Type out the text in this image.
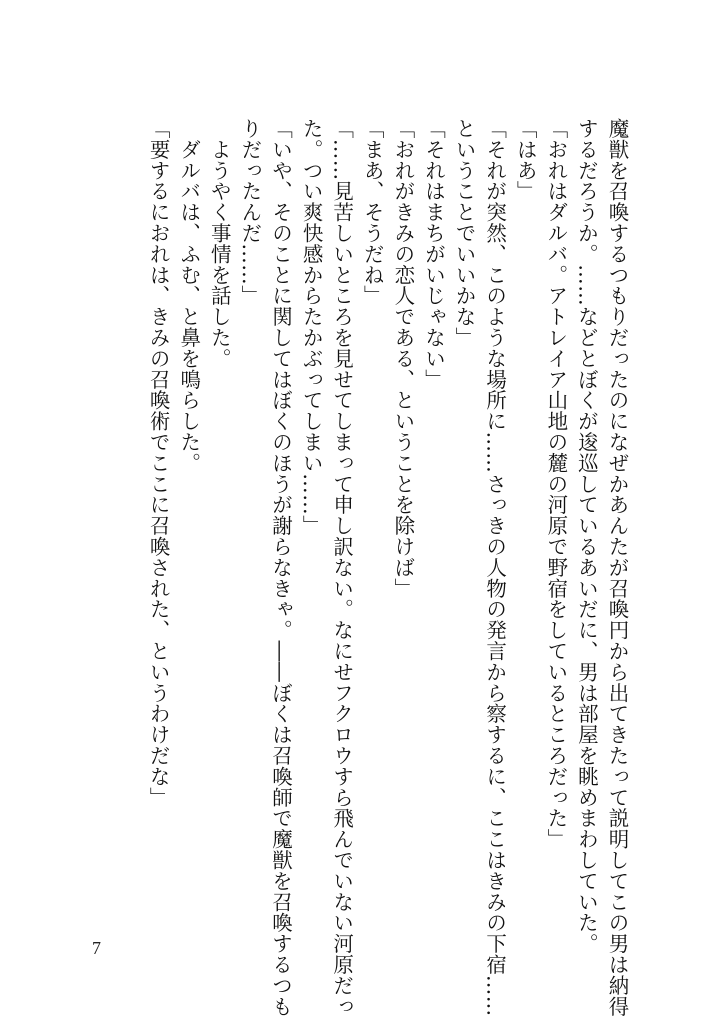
魔獣を召喚するつもりだったのになぜかあんたが召喚円から出てきたって説明してこの男は納得

するだろうか。……などとぼくが逡巡しているあいだに、男は部屋を眺めまわしていた。

「おれはダルバ。アトレイア山地の麓の河原で野宿をしているところだった」

「はあ」

「それが突然、このような場所に……さっきの人物の発言から察するに、ここはきみの下宿……

ということでいいかな」

「それはまちがいじゃない」

「おれがきみの恋人である、ということを除けば」

「まあ、そうだね」

「……見苦しいところを見せてしまって申し訳ない。なにせフクロウすら飛んでいない河原だっ

た。つい爽快感からたかぶってしまい……」

「いや、そのことに関してはぼくのほうが謝らなきゃ。――ぼくは召喚師で魔獣を召喚するつも

りだったんだ……」

　ようやく事情を話した。

　ダルバは、ふむ、と鼻を鳴らした。

「要するにおれは、きみの召喚術でここに召喚された、というわけだな」

7
